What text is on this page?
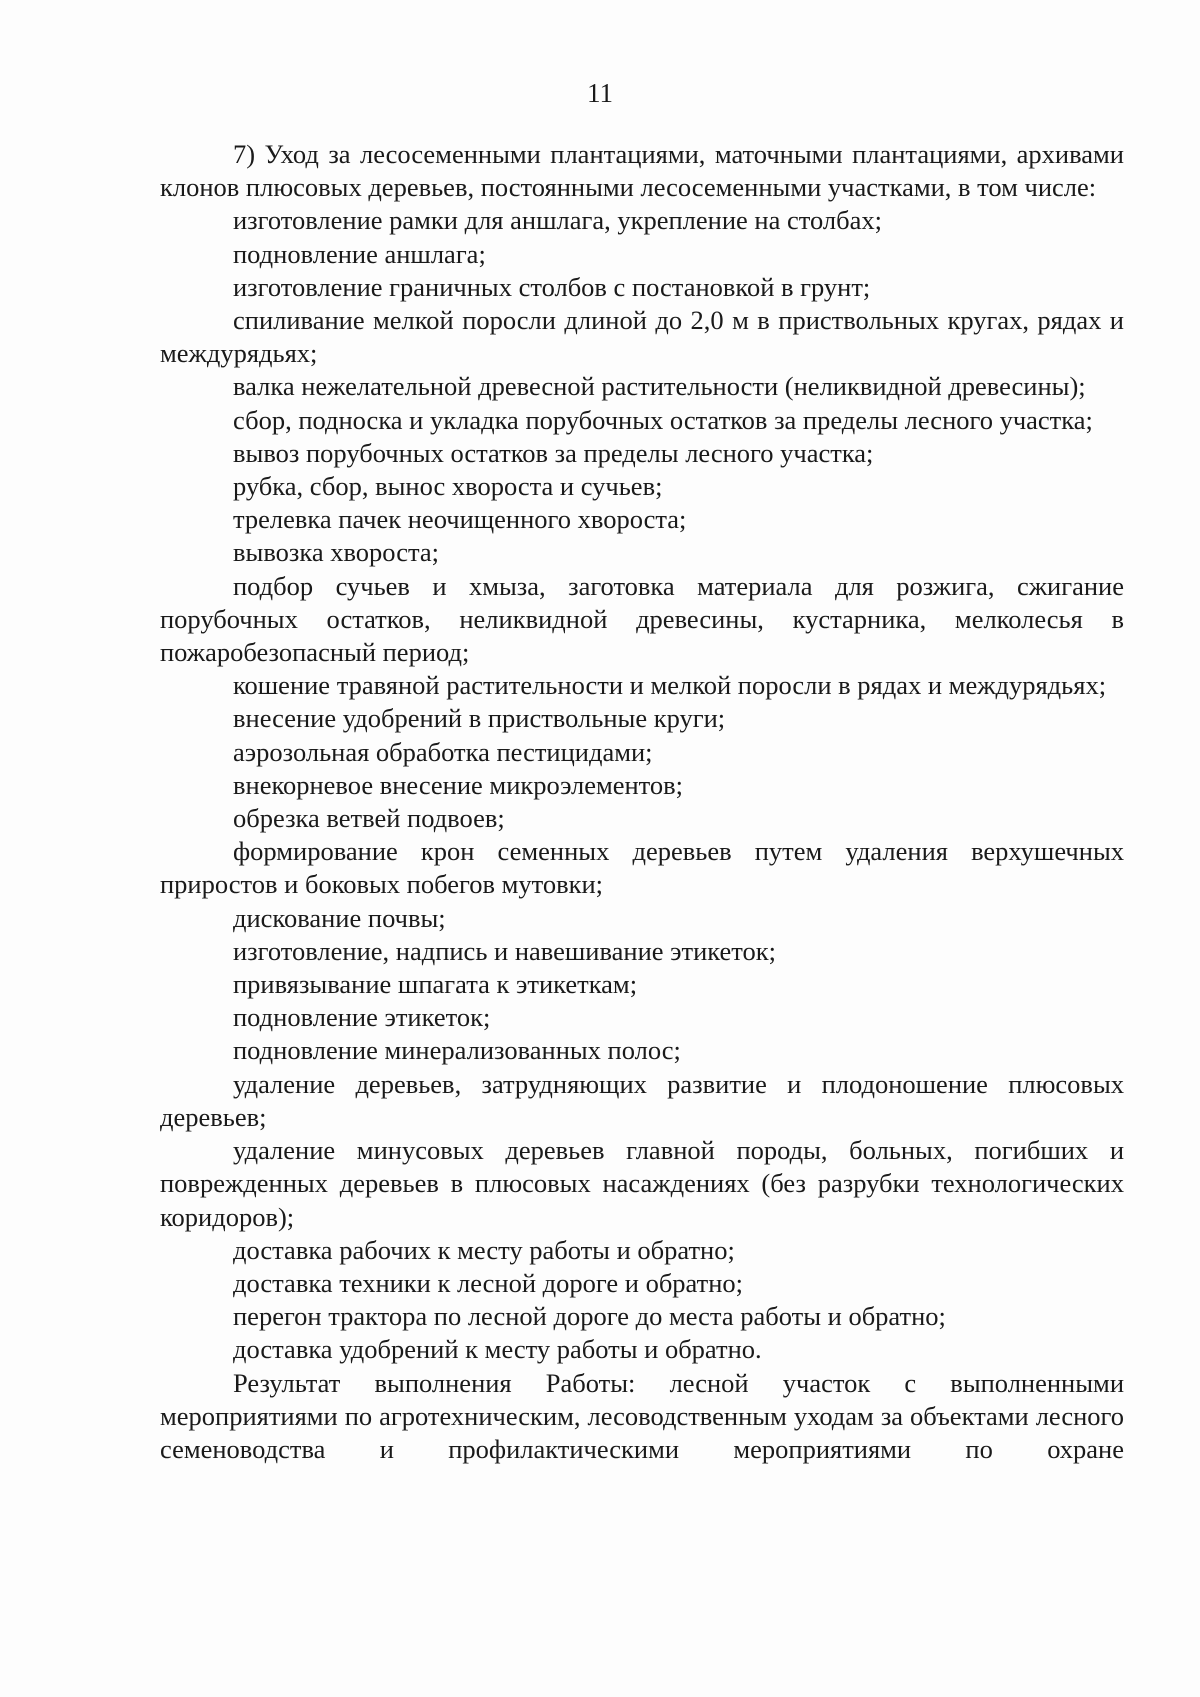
11

7) Уход за лесосеменными плантациями, маточными плантациями, архивами клонов плюсовых деревьев, постоянными лесосеменными участками, в том числе:

изготовление рамки для аншлага, укрепление на столбах;

подновление аншлага;

изготовление граничных столбов с постановкой в грунт;

спиливание мелкой поросли длиной до 2,0 м в приствольных кругах, рядах и междурядьях;

валка нежелательной древесной растительности (неликвидной древесины);

сбор, подноска и укладка порубочных остатков за пределы лесного участка;

вывоз порубочных остатков за пределы лесного участка;

рубка, сбор, вынос хвороста и сучьев;

трелевка пачек неочищенного хвороста;

вывозка хвороста;

подбор сучьев и хмыза, заготовка материала для розжига, сжигание порубочных остатков, неликвидной древесины, кустарника, мелколесья в пожаробезопасный период;

кошение травяной растительности и мелкой поросли в рядах и междурядьях;

внесение удобрений в приствольные круги;

аэрозольная обработка пестицидами;

внекорневое внесение микроэлементов;

обрезка ветвей подвоев;

формирование крон семенных деревьев путем удаления верхушечных приростов и боковых побегов мутовки;

дискование почвы;

изготовление, надпись и навешивание этикеток;

привязывание шпагата к этикеткам;

подновление этикеток;

подновление минерализованных полос;

удаление деревьев, затрудняющих развитие и плодоношение плюсовых деревьев;

удаление минусовых деревьев главной породы, больных, погибших и поврежденных деревьев в плюсовых насаждениях (без разрубки технологических коридоров);

доставка рабочих к месту работы и обратно;

доставка техники к лесной дороге и обратно;

перегон трактора по лесной дороге до места работы и обратно;

доставка удобрений к месту работы и обратно.

Результат выполнения Работы: лесной участок с выполненными мероприятиями по агротехническим, лесоводственным уходам за объектами лесного семеноводства и профилактическими мероприятиями по охране
